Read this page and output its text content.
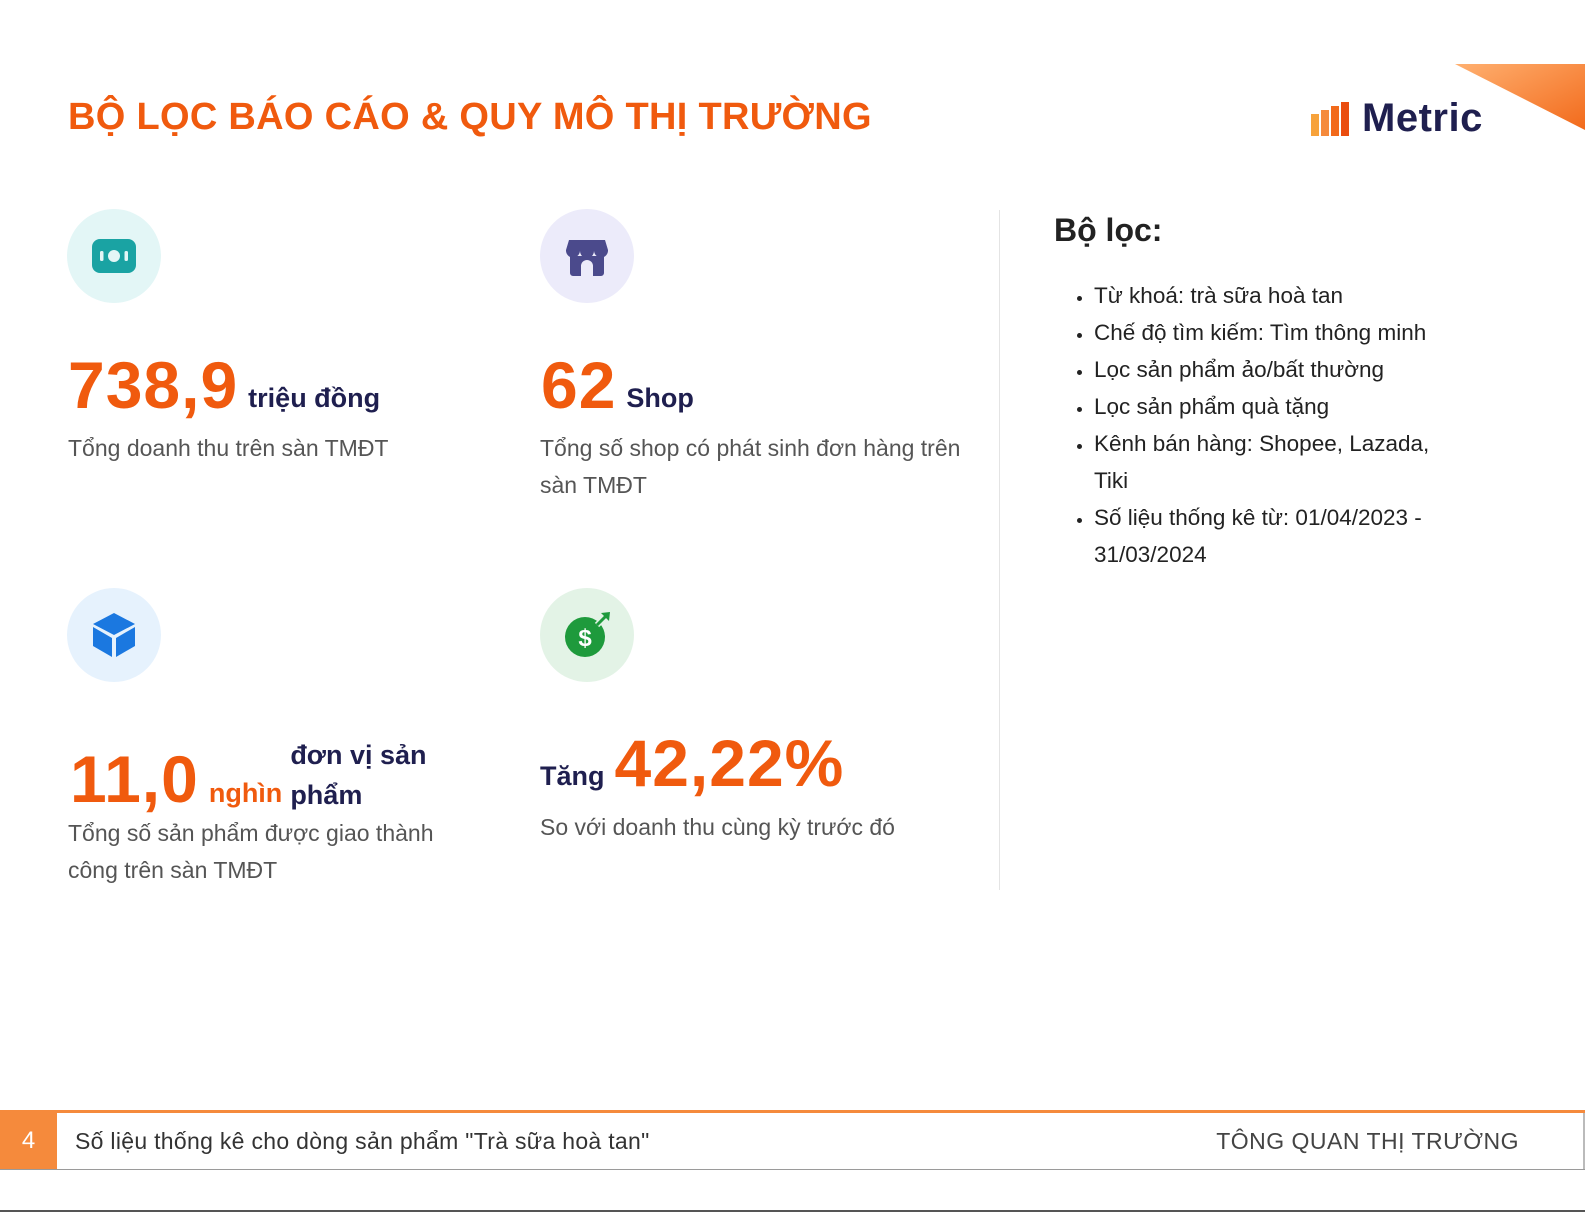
BỘ LỌC BÁO CÁO & QUY MÔ THỊ TRƯỜNG	Metric
738,9 triệu đồng

Tổng doanh thu trên sàn TMĐT

62 Shop

Tổng số shop có phát sinh đơn hàng trên sàn TMĐT

11,0 nghìn
đơn vị sản phẩm

Tổng số sản phẩm được giao thành công trên sàn TMĐT

$
Tăng 42,22%

So với doanh thu cùng kỳ trước đó

Bộ lọc:
• Từ khoá: trà sữa hoà tan
• Chế độ tìm kiếm: Tìm thông minh
• Lọc sản phẩm ảo/bất thường
• Lọc sản phẩm quà tặng
• Kênh bán hàng: Shopee, Lazada, Tiki
• Số liệu thống kê từ: 01/04/2023 - 31/03/2024
4	Số liệu thống kê cho dòng sản phẩm "Trà sữa hoà tan"	TÔNG QUAN THỊ TRƯỜNG
